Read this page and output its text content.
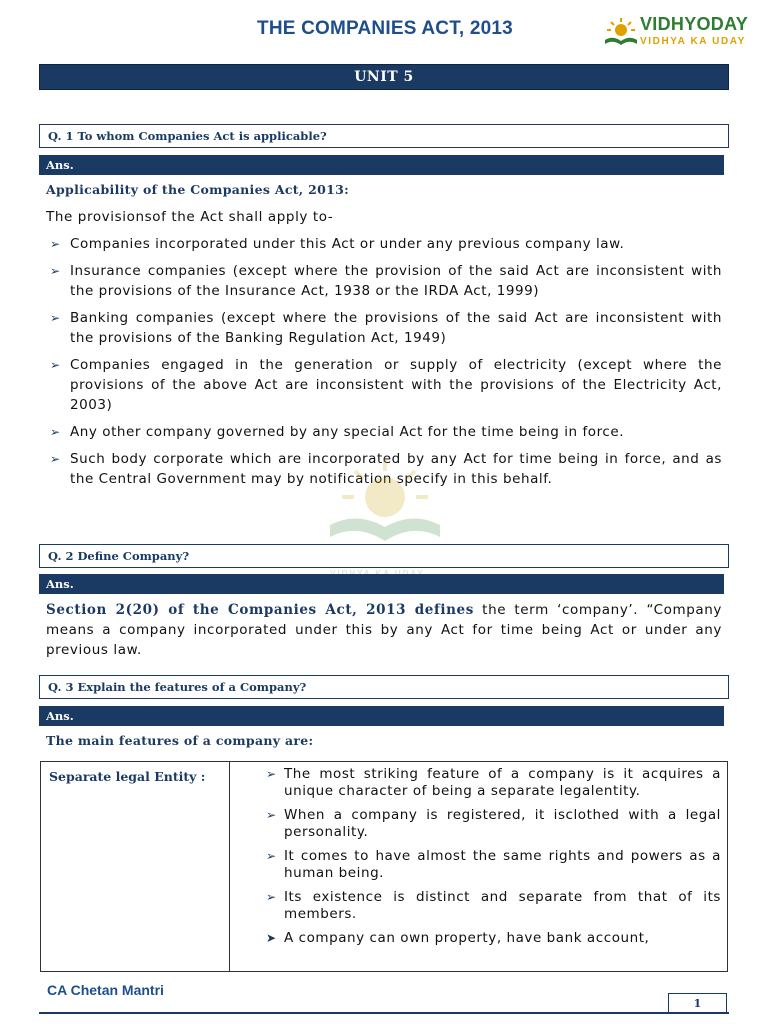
THE COMPANIES ACT, 2013	VIDHYODAY
VIDHYA KA UDAY
UNIT 5
Q. 1 To whom Companies Act is applicable?
Ans.
Applicability of the Companies Act, 2013:
The provisionsof the Act shall apply to-
➢ Companies incorporated under this Act or under any previous company law.
➢ Insurance companies (except where the provision of the said Act are inconsistent with the provisions of the Insurance Act, 1938 or the IRDA Act, 1999)
➢ Banking companies (except where the provisions of the said Act are inconsistent with the provisions of the Banking Regulation Act, 1949)
➢ Companies engaged in the generation or supply of electricity (except where the provisions of the above Act are inconsistent with the provisions of the Electricity Act, 2003)
➢ Any other company governed by any special Act for the time being in force.
➢ Such body corporate which are incorporated by any Act for time being in force, and as the Central Government may by notification specify in this behalf.
Q. 2 Define Company?
Ans.
Section 2(20) of the Companies Act, 2013 defines the term ‘company’. “Company means a company incorporated under this by any Act for time being Act or under any previous law.
Q. 3 Explain the features of a Company?
Ans.
The main features of a company are:
Separate legal Entity :	➢ The most striking feature of a company is it acquires a unique character of being a separate legalentity.
➢ When a company is registered, it isclothed with a legal personality.
➢ It comes to have almost the same rights and powers as a human being.
➢ Its existence is distinct and separate from that of its members.
➤ A company can own property, have bank account,
CA Chetan Mantri
1
